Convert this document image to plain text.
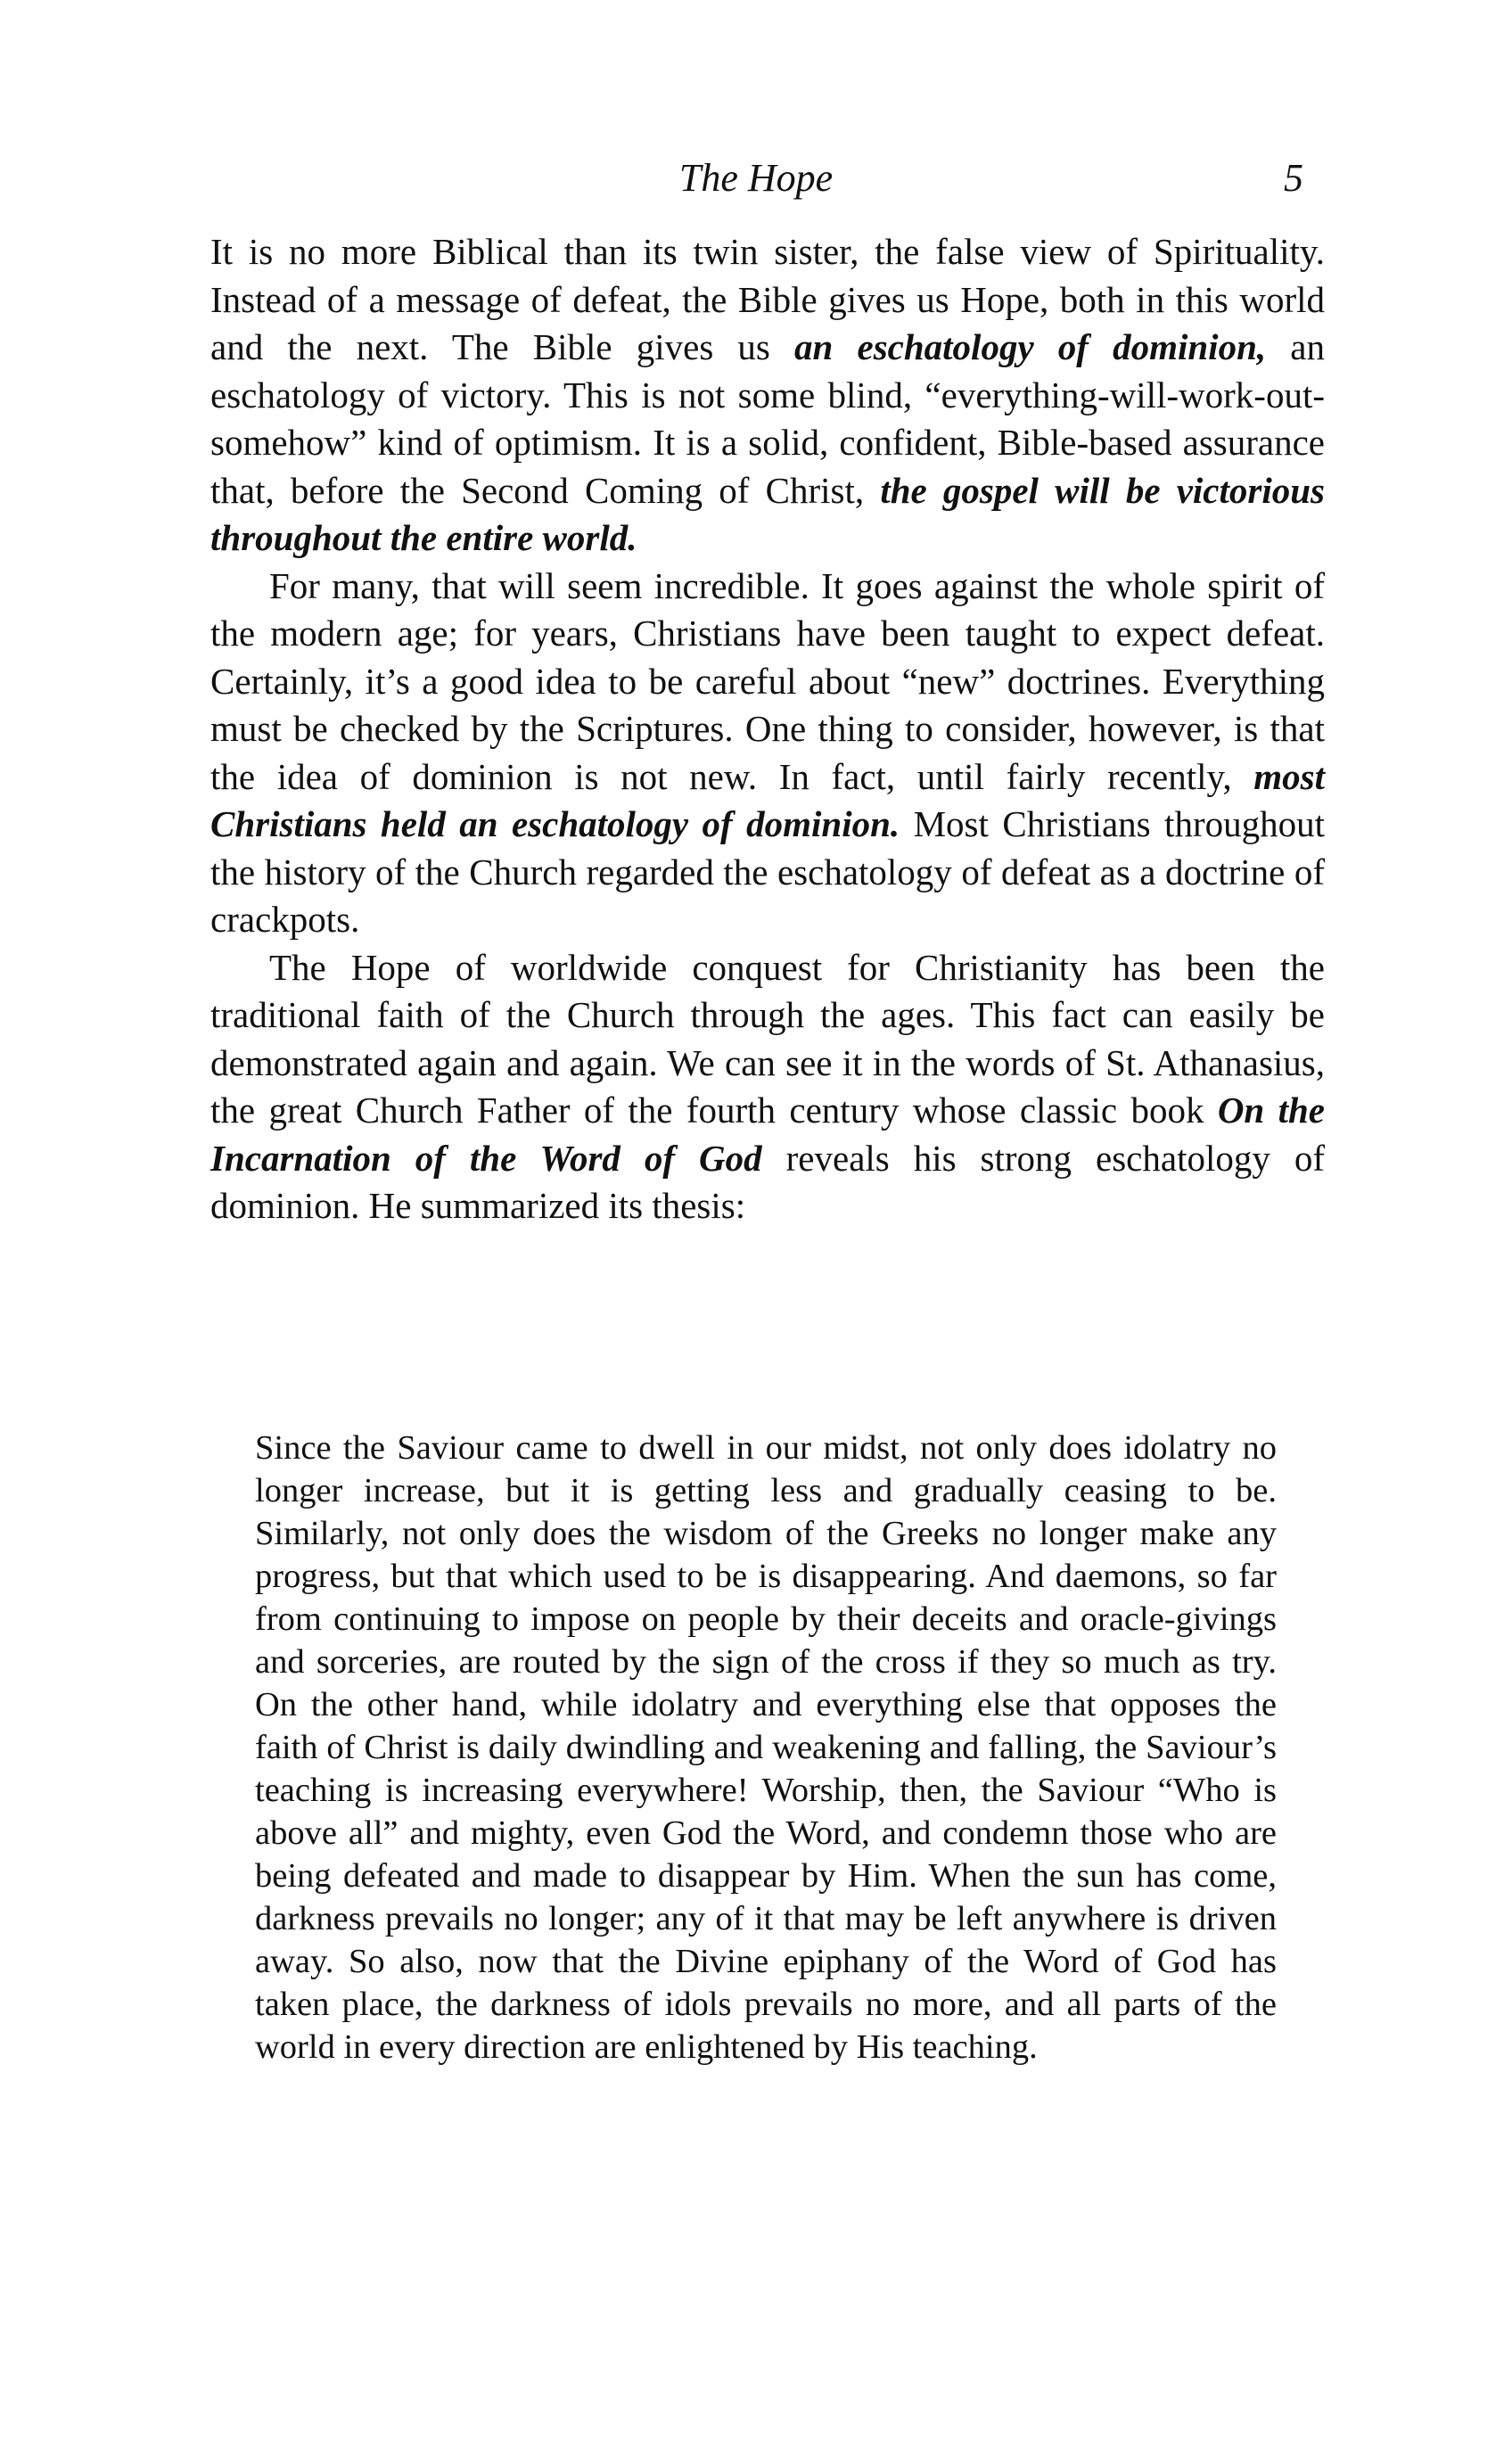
The Hope	5

It is no more Biblical than its twin sister, the false view of Spirituality. Instead of a message of defeat, the Bible gives us Hope, both in this world and the next. The Bible gives us an eschatology of dominion, an eschatology of victory. This is not some blind, “everything-will-work-out-somehow” kind of optimism. It is a solid, confident, Bible-based assurance that, before the Second Coming of Christ, the gospel will be victorious throughout the entire world.

For many, that will seem incredible. It goes against the whole spirit of the modern age; for years, Christians have been taught to expect defeat. Certainly, it’s a good idea to be careful about “new” doctrines. Everything must be checked by the Scriptures. One thing to consider, however, is that the idea of dominion is not new. In fact, until fairly recently, most Christians held an eschatology of dominion. Most Christians throughout the history of the Church regarded the eschatology of defeat as a doctrine of crackpots.

The Hope of worldwide conquest for Christianity has been the traditional faith of the Church through the ages. This fact can easily be demonstrated again and again. We can see it in the words of St. Athanasius, the great Church Father of the fourth century whose classic book On the Incarnation of the Word of God reveals his strong eschatology of dominion. He summarized its thesis:

Since the Saviour came to dwell in our midst, not only does idolatry no longer increase, but it is getting less and gradually ceasing to be. Similarly, not only does the wisdom of the Greeks no longer make any progress, but that which used to be is disappearing. And daemons, so far from continuing to impose on people by their deceits and oracle-givings and sorceries, are routed by the sign of the cross if they so much as try. On the other hand, while idolatry and everything else that opposes the faith of Christ is daily dwindling and weakening and falling, the Saviour’s teaching is increasing everywhere! Worship, then, the Saviour “Who is above all” and mighty, even God the Word, and condemn those who are being defeated and made to disappear by Him. When the sun has come, darkness prevails no longer; any of it that may be left anywhere is driven away. So also, now that the Divine epiphany of the Word of God has taken place, the darkness of idols prevails no more, and all parts of the world in every direction are enlightened by His teaching.
